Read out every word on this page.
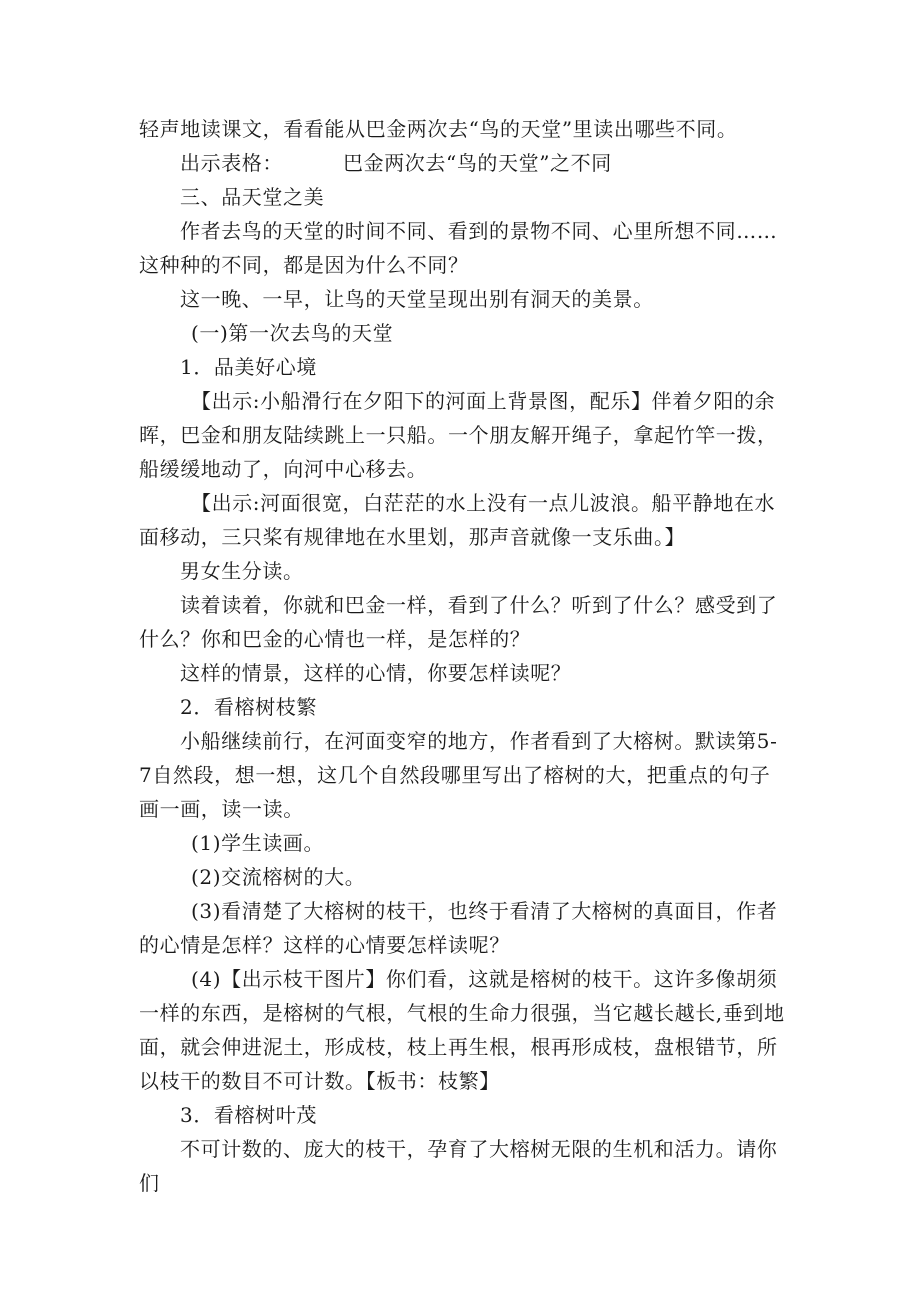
轻声地读课文，看看能从巴金两次去“鸟的天堂”里读出哪些不同。

出示表格：	巴金两次去“鸟的天堂”之不同

三、品天堂之美

作者去鸟的天堂的时间不同、看到的景物不同、心里所想不同……这种种的不同，都是因为什么不同？

这一晚、一早，让鸟的天堂呈现出别有洞天的美景。

(一)第一次去鸟的天堂

1．品美好心境

【出示:小船滑行在夕阳下的河面上背景图，配乐】伴着夕阳的余晖，巴金和朋友陆续跳上一只船。一个朋友解开绳子，拿起竹竿一拨，船缓缓地动了，向河中心移去。

【出示:河面很宽，白茫茫的水上没有一点儿波浪。船平静地在水面移动，三只桨有规律地在水里划，那声音就像一支乐曲。】

男女生分读。

读着读着，你就和巴金一样，看到了什么？听到了什么？感受到了什么？你和巴金的心情也一样，是怎样的？

这样的情景，这样的心情，你要怎样读呢？

2．看榕树枝繁

小船继续前行，在河面变窄的地方，作者看到了大榕树。默读第5-7自然段，想一想，这几个自然段哪里写出了榕树的大，把重点的句子画一画，读一读。

(1)学生读画。

(2)交流榕树的大。

(3)看清楚了大榕树的枝干，也终于看清了大榕树的真面目，作者的心情是怎样？这样的心情要怎样读呢？

(4)【出示枝干图片】你们看，这就是榕树的枝干。这许多像胡须一样的东西，是榕树的气根，气根的生命力很强，当它越长越长,垂到地面，就会伸进泥土，形成枝，枝上再生根，根再形成枝，盘根错节，所以枝干的数目不可计数。【板书：枝繁】

3．看榕树叶茂

不可计数的、庞大的枝干，孕育了大榕树无限的生机和活力。请你们
